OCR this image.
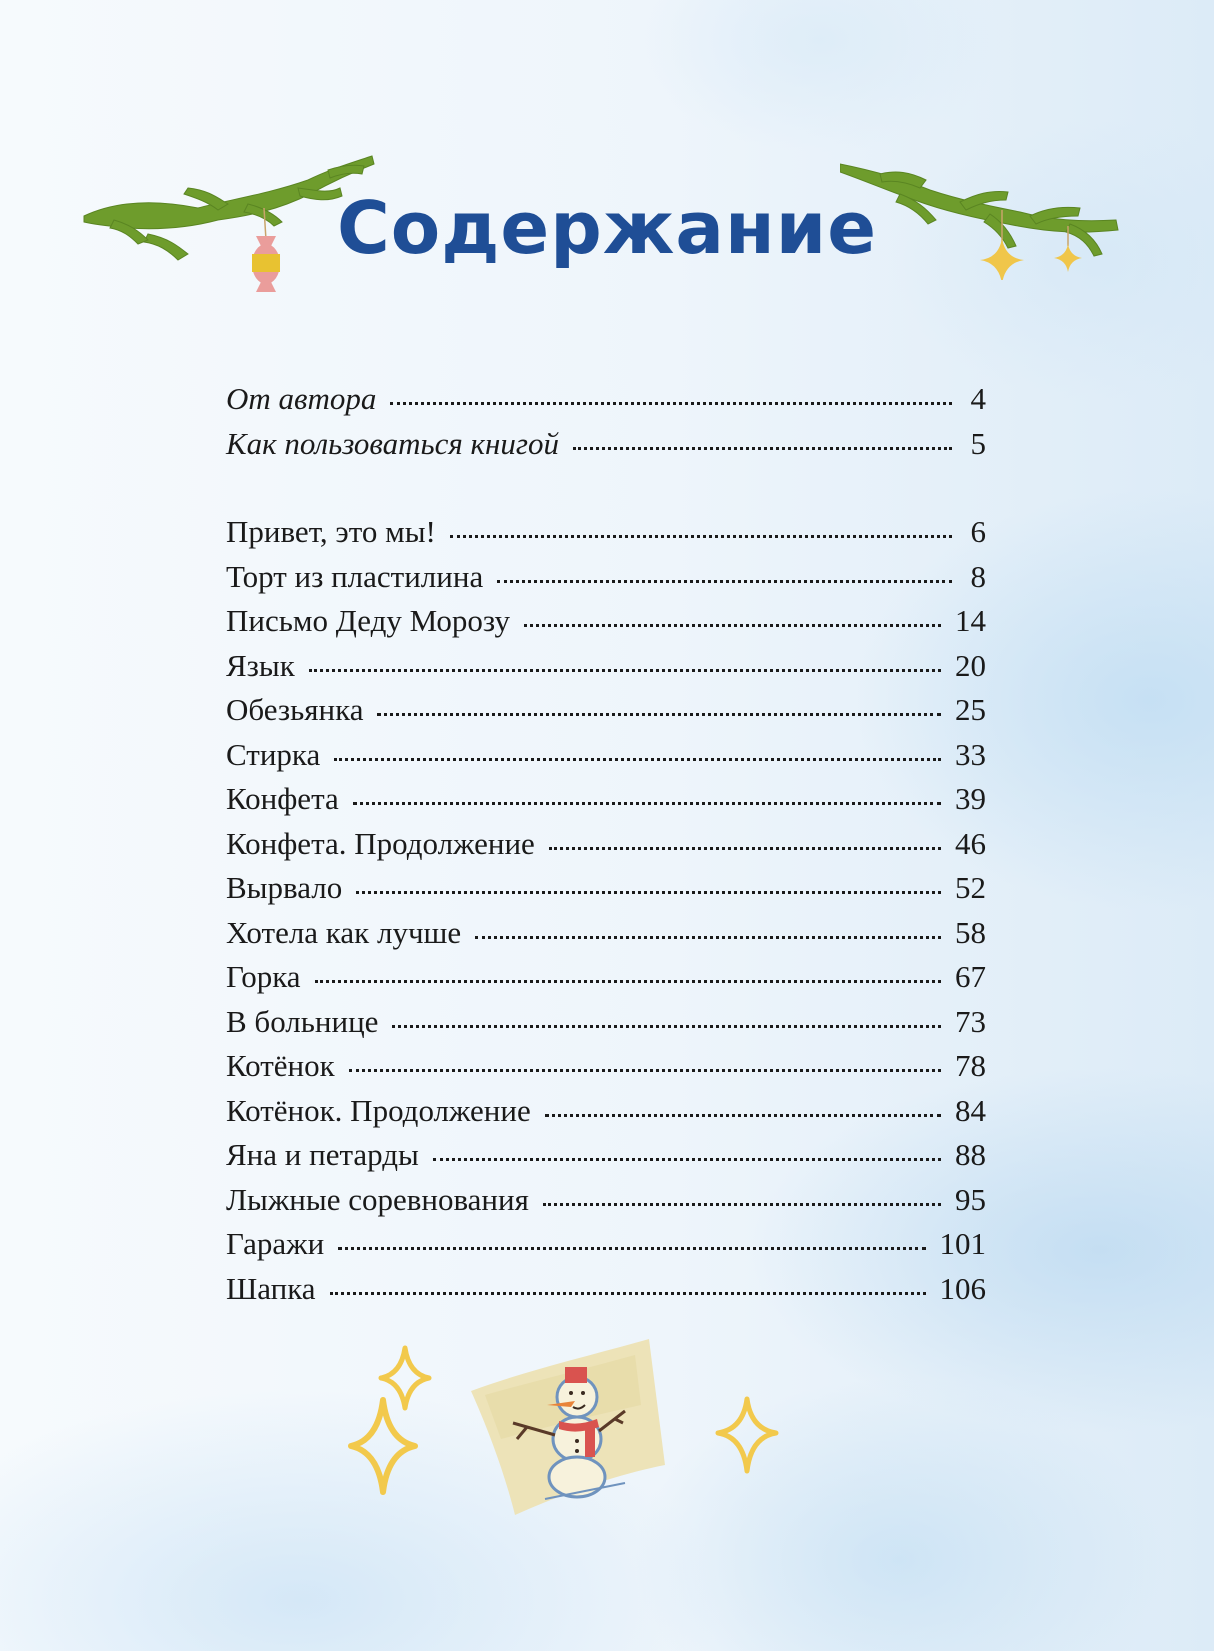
Содержание
От автора	4
Как пользоваться книгой	5
Привет, это мы!	6
Торт из пластилина	8
Письмо Деду Морозу	14
Язык	20
Обезьянка	25
Стирка	33
Конфета	39
Конфета. Продолжение	46
Вырвало	52
Хотела как лучше	58
Горка	67
В больнице	73
Котёнок	78
Котёнок. Продолжение	84
Яна и петарды	88
Лыжные соревнования	95
Гаражи	101
Шапка	106
